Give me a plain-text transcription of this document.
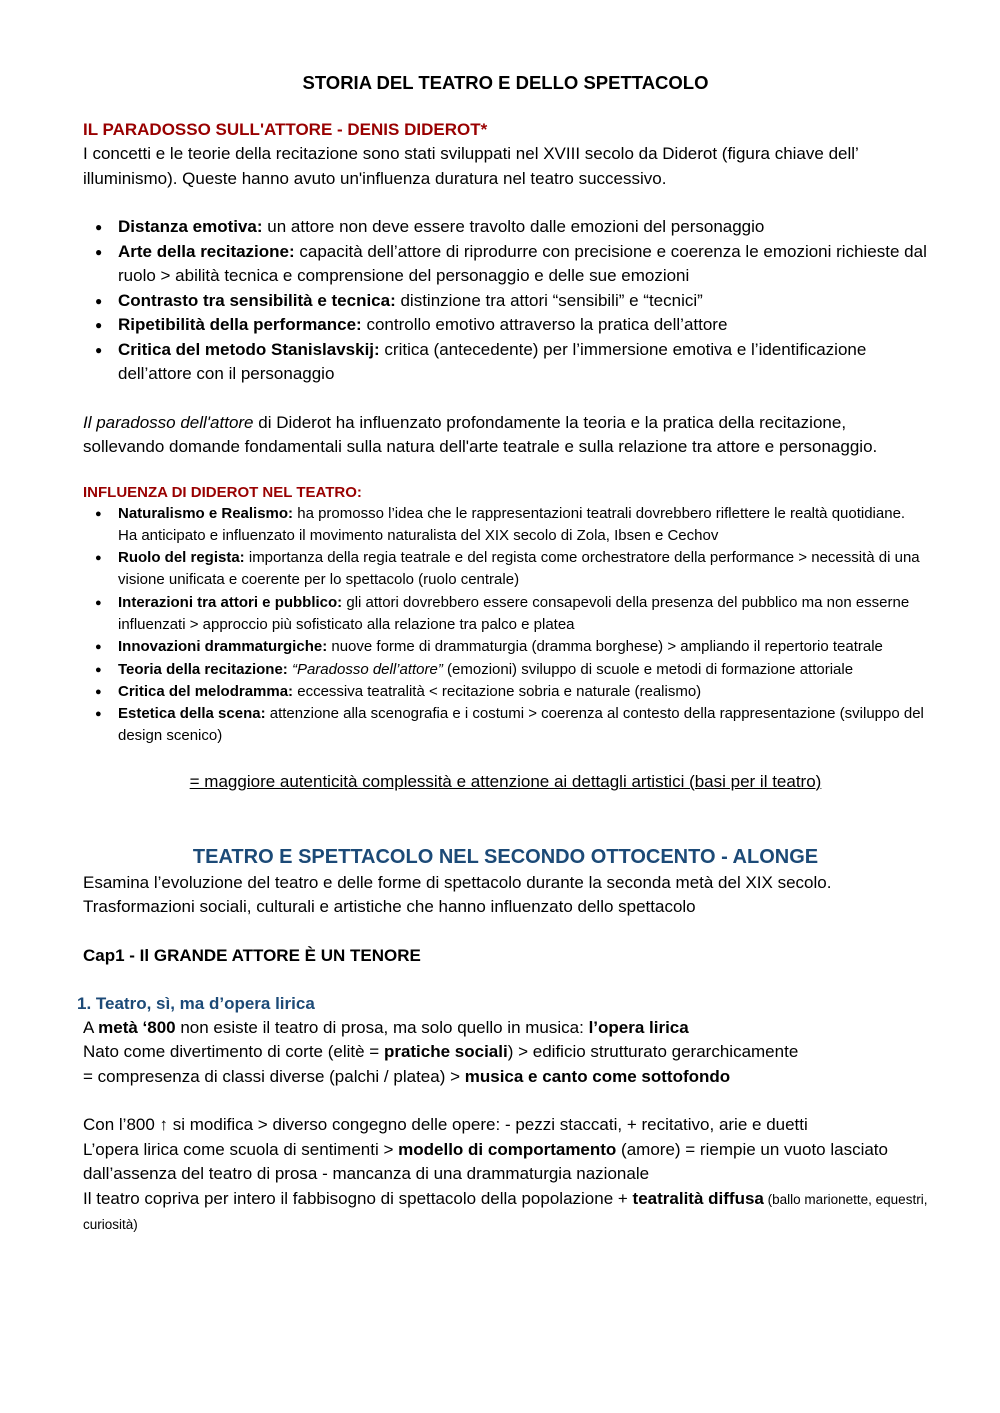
STORIA DEL TEATRO E DELLO SPETTACOLO
IL PARADOSSO SULL'ATTORE - DENIS DIDEROT*

I concetti e le teorie della recitazione sono stati sviluppati nel XVIII secolo da Diderot (figura chiave dell’ illuminismo). Queste hanno avuto un'influenza duratura nel teatro successivo.

● Distanza emotiva: un attore non deve essere travolto dalle emozioni del personaggio
● Arte della recitazione: capacità dell’attore di riprodurre con precisione e coerenza le emozioni richieste dal ruolo > abilità tecnica e comprensione del personaggio e delle sue emozioni
● Contrasto tra sensibilità e tecnica: distinzione tra attori “sensibili” e “tecnici”
● Ripetibilità della performance: controllo emotivo attraverso la pratica dell’attore
● Critica del metodo Stanislavskij: critica (antecedente) per l’immersione emotiva e l’identificazione dell’attore con il personaggio

Il paradosso dell'attore di Diderot ha influenzato profondamente la teoria e la pratica della recitazione, sollevando domande fondamentali sulla natura dell'arte teatrale e sulla relazione tra attore e personaggio.

INFLUENZA DI DIDEROT NEL TEATRO:
● Naturalismo e Realismo: ha promosso l’idea che le rappresentazioni teatrali dovrebbero riflettere le realtà quotidiane. Ha anticipato e influenzato il movimento naturalista del XIX secolo di Zola, Ibsen e Cechov
● Ruolo del regista: importanza della regia teatrale e del regista come orchestratore della performance > necessità di una visione unificata e coerente per lo spettacolo (ruolo centrale)
● Interazioni tra attori e pubblico: gli attori dovrebbero essere consapevoli della presenza del pubblico ma non esserne influenzati > approccio più sofisticato alla relazione tra palco e platea
● Innovazioni drammaturgiche: nuove forme di drammaturgia (dramma borghese) > ampliando il repertorio teatrale
● Teoria della recitazione: “Paradosso dell’attore” (emozioni) sviluppo di scuole e metodi di formazione attoriale
● Critica del melodramma: eccessiva teatralità < recitazione sobria e naturale (realismo)
● Estetica della scena: attenzione alla scenografia e i costumi > coerenza al contesto della rappresentazione (sviluppo del design scenico)

= maggiore autenticità complessità e attenzione ai dettagli artistici (basi per il teatro)

TEATRO E SPETTACOLO NEL SECONDO OTTOCENTO - ALONGE

Esamina l’evoluzione del teatro e delle forme di spettacolo durante la seconda metà del XIX secolo.

Trasformazioni sociali, culturali e artistiche che hanno influenzato dello spettacolo

Cap1 - Il GRANDE ATTORE È UN TENORE
1. Teatro, sì, ma d’opera lirica

A metà ‘800 non esiste il teatro di prosa, ma solo quello in musica: l’opera lirica

Nato come divertimento di corte (elitè = pratiche sociali) > edificio strutturato gerarchicamente

= compresenza di classi diverse (palchi / platea) > musica e canto come sottofondo

Con l’800 ↑ si modifica > diverso congegno delle opere: - pezzi staccati, + recitativo, arie e duetti

L’opera lirica come scuola di sentimenti > modello di comportamento (amore) = riempie un vuoto lasciato dall’assenza del teatro di prosa - mancanza di una drammaturgia nazionale

Il teatro copriva per intero il fabbisogno di spettacolo della popolazione + teatralità diffusa (ballo marionette, equestri, curiosità)
